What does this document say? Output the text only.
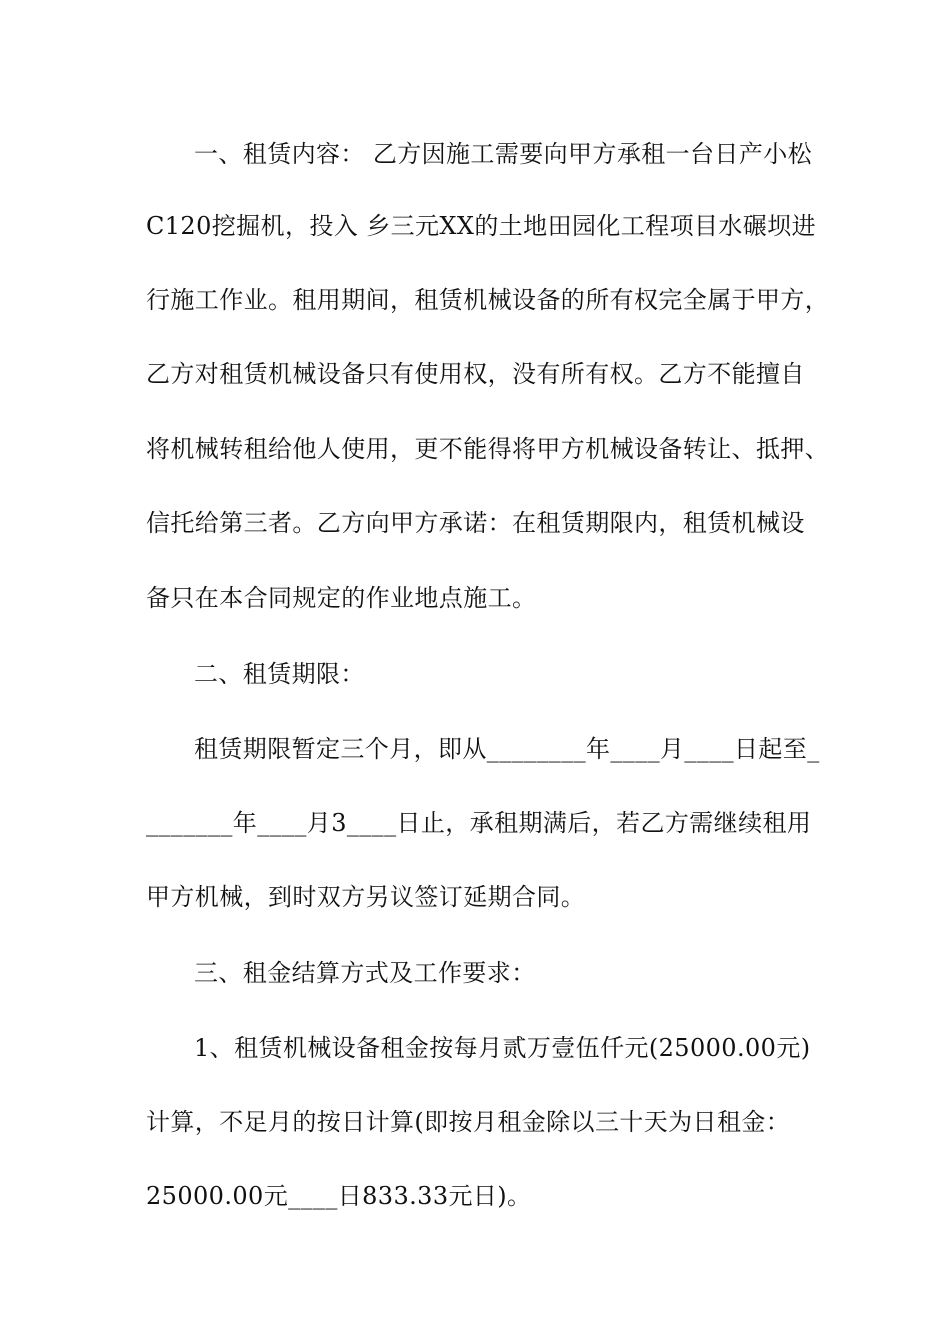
一、租赁内容： 乙方因施工需要向甲方承租一台日产小松
C120挖掘机，投入 乡三元XX的土地田园化工程项目水碾坝进
行施工作业。租用期间，租赁机械设备的所有权完全属于甲方，
乙方对租赁机械设备只有使用权，没有所有权。乙方不能擅自
将机械转租给他人使用，更不能得将甲方机械设备转让、抵押、
信托给第三者。乙方向甲方承诺：在租赁期限内，租赁机械设
备只在本合同规定的作业地点施工。
二、租赁期限：
租赁期限暂定三个月，即从________年____月____日起至_
_______年____月3____日止，承租期满后，若乙方需继续租用
甲方机械，到时双方另议签订延期合同。
三、租金结算方式及工作要求：
1、租赁机械设备租金按每月贰万壹伍仟元(25000.00元)
计算，不足月的按日计算(即按月租金除以三十天为日租金：
25000.00元____日833.33元日)。
